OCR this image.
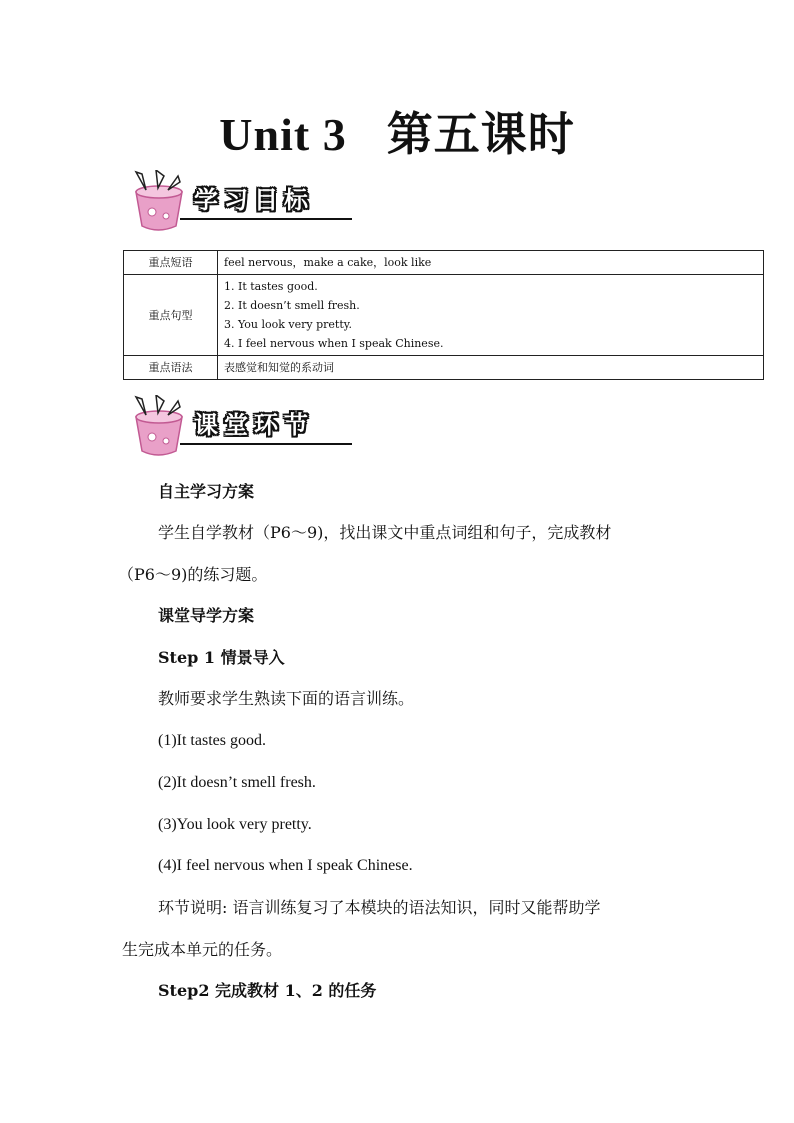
Unit 3 第五课时
学习目标
重点短语	feel nervous，make a cake，look like
重点句型	1. It tastes good.
2. It doesn’t smell fresh.
3. You look very pretty.
4. I feel nervous when I speak Chinese.

重点语法	表感觉和知觉的系动词
课堂环节
自主学习方案
学生自学教材（P6～9)，找出课文中重点词组和句子，完成教材
（P6～9)的练习题。
课堂导学方案
Step 1 情景导入
教师要求学生熟读下面的语言训练。
(1)It tastes good.
(2)It doesn’t smell fresh.
(3)You look very pretty.
(4)I feel nervous when I speak Chinese.
环节说明: 语言训练复习了本模块的语法知识，同时又能帮助学
生完成本单元的任务。
Step2 完成教材 1、2 的任务
